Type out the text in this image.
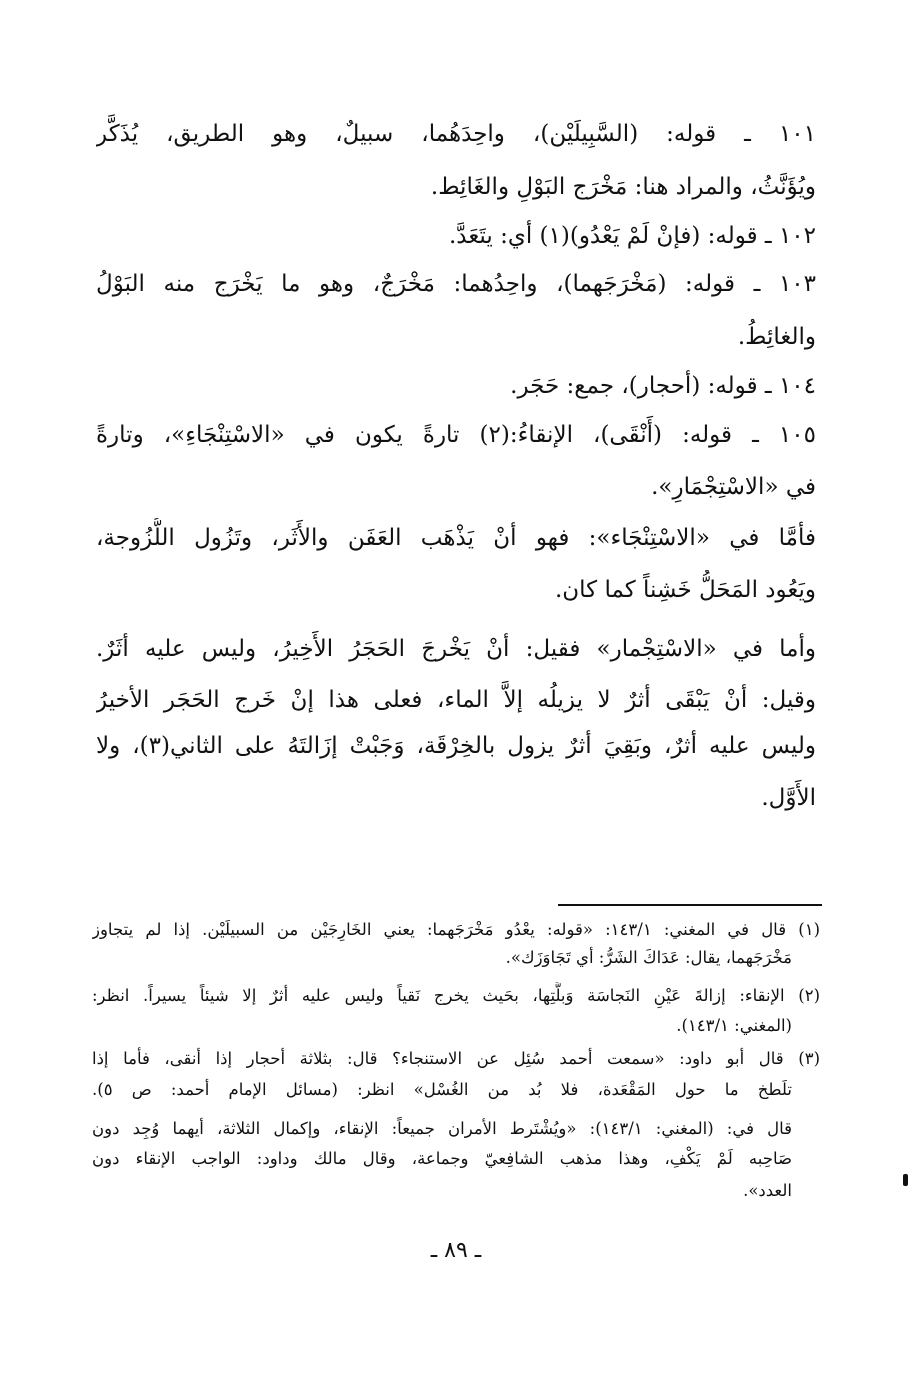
١٠١ ـ قوله: (السَّبِيلَيْن)، واحِدَهُما، سبيلٌ، وهو الطريق، يُذَكَّر
ويُؤَنَّثُ، والمراد هنا: مَخْرَج البَوْلِ والغَائِط.
١٠٢ ـ قوله: (فإنْ لَمْ يَعْدُو)(١) أي: يتَعَدَّ.
١٠٣ ـ قوله: (مَخْرَجَهما)، واحِدُهما: مَخْرَجٌ، وهو ما يَخْرَج منه البَوْلُ
والغائِطُ.
١٠٤ ـ قوله: (أحجار)، جمع: حَجَر.
١٠٥ ـ قوله: (أَنْقَى)، الإنقاءُ:(٢) تارةً يكون في «الاسْتِنْجَاءِ»، وتارةً
في «الاسْتِجْمَارِ».
فأمَّا في «الاسْتِنْجَاء»: فهو أنْ يَذْهَب العَفَن والأَثَر، وتَزُول اللُّزُوجة،
ويَعُود المَحَلُّ خَشِناً كما كان.
وأما في «الاسْتِجْمار» فقيل: أنْ يَخْرجَ الحَجَرُ الأَخِيرُ، وليس عليه أثَرٌ.
وقيل: أنْ يَبْقَى أثرٌ لا يزيلُه إلاَّ الماء، فعلى هذا إنْ خَرج الحَجَر الأخيرُ
وليس عليه أثرٌ، وبَقِيَ أثرٌ يزول بالخِرْقَة، وَجَبْتْ إزَالتَهُ على الثاني(٣)، ولا
الأَوَّل.
(١) قال في المغني: ١٤٣/١: «قوله: يعْدُو مَخْرَجَهما: يعني الخَارِجَيْن من السبيلَيْن. إذا لم يتجاوز
مَخْرَجَهما، يقال: عَدَاكَ الشَرُّ: أي تَجَاوَزَك».
(٢) الإنقاء: إزالةَ عَيْنِ النَجاسَة وَبلَّتِها، بحَيث يخرج نَقياً وليس عليه أثرٌ إلا شيئاً يسيراً. انظر:
(المغني: ١٤٣/١).
(٣) قال أبو داود: «سمعت أحمد سُئِل عن الاستنجاء؟ قال: بثلاثة أحجار إذا أنقى، فأما إذا
تلَطخ ما حول المَقْعَدة، فلا بُد من الغُسْل» انظر: (مسائل الإمام أحمد: ص ٥).
قال في: (المغني: ١٤٣/١): «ويُشْتَرط الأمران جميعاً: الإنقاء، وإكمال الثلاثة، أيهما وُجِد دون
صَاحِبه لَمْ يَكْفِ، وهذا مذهب الشافِعيّ وجماعة، وقال مالك وداود: الواجب الإنقاء دون
العدد».
ـ ٨٩ ـ
